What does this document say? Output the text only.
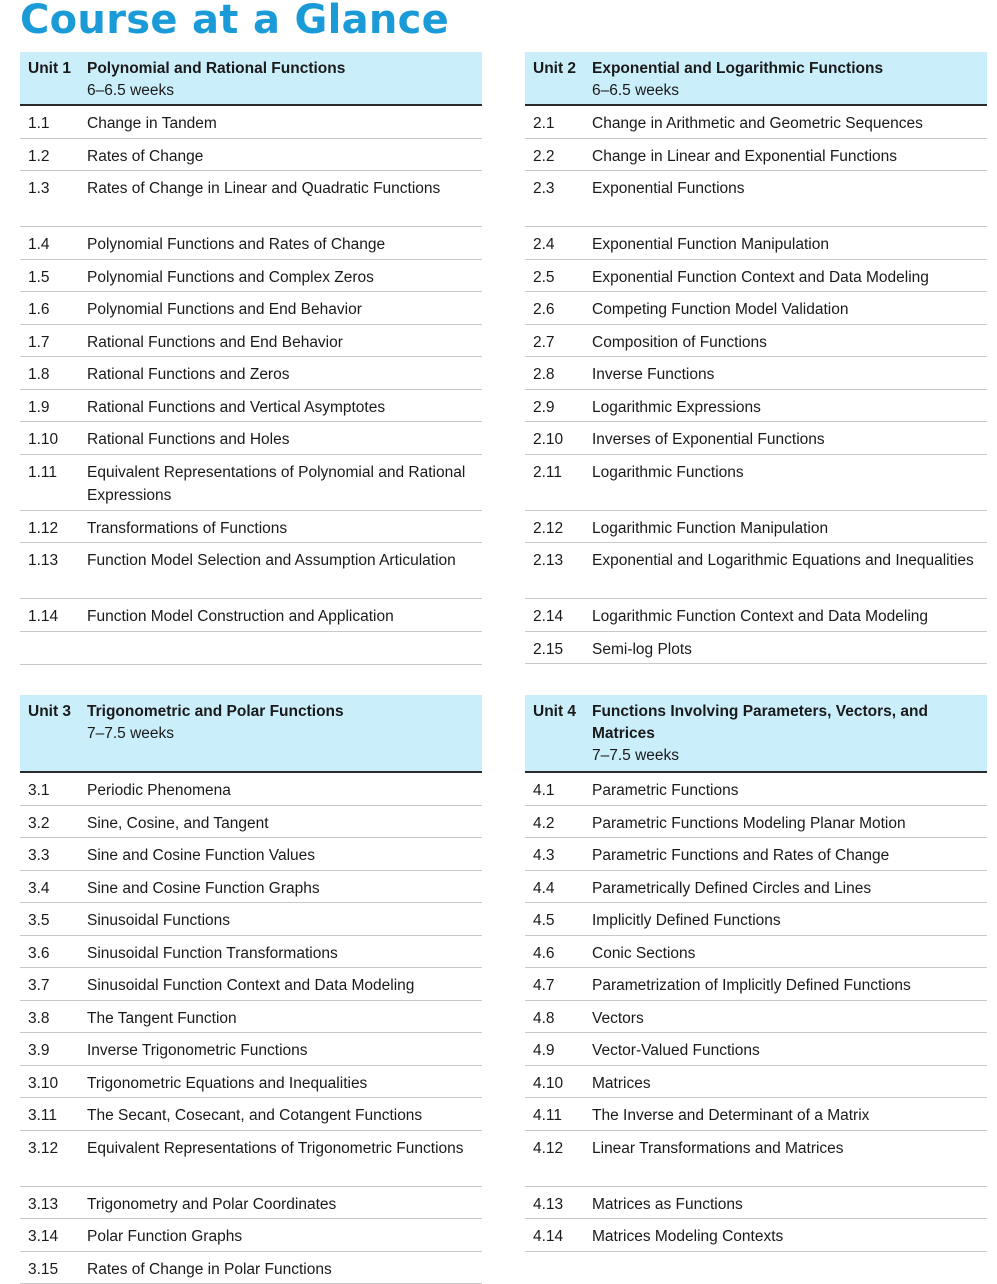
Course at a Glance
Unit 1	Polynomial and Rational Functions
6–6.5 weeks
1.1	Change in Tandem
1.2	Rates of Change
1.3	Rates of Change in Linear and Quadratic Functions
1.4	Polynomial Functions and Rates of Change
1.5	Polynomial Functions and Complex Zeros
1.6	Polynomial Functions and End Behavior
1.7	Rational Functions and End Behavior
1.8	Rational Functions and Zeros
1.9	Rational Functions and Vertical Asymptotes
1.10	Rational Functions and Holes
1.11	Equivalent Representations of Polynomial and Rational Expressions
1.12	Transformations of Functions
1.13	Function Model Selection and Assumption Articulation
1.14	Function Model Construction and Application
Unit 2	Exponential and Logarithmic Functions
6–6.5 weeks
2.1	Change in Arithmetic and Geometric Sequences
2.2	Change in Linear and Exponential Functions
2.3	Exponential Functions
2.4	Exponential Function Manipulation
2.5	Exponential Function Context and Data Modeling
2.6	Competing Function Model Validation
2.7	Composition of Functions
2.8	Inverse Functions
2.9	Logarithmic Expressions
2.10	Inverses of Exponential Functions
2.11	Logarithmic Functions
2.12	Logarithmic Function Manipulation
2.13	Exponential and Logarithmic Equations and Inequalities
2.14	Logarithmic Function Context and Data Modeling
2.15	Semi-log Plots
Unit 3	Trigonometric and Polar Functions
7–7.5 weeks
3.1	Periodic Phenomena
3.2	Sine, Cosine, and Tangent
3.3	Sine and Cosine Function Values
3.4	Sine and Cosine Function Graphs
3.5	Sinusoidal Functions
3.6	Sinusoidal Function Transformations
3.7	Sinusoidal Function Context and Data Modeling
3.8	The Tangent Function
3.9	Inverse Trigonometric Functions
3.10	Trigonometric Equations and Inequalities
3.11	The Secant, Cosecant, and Cotangent Functions
3.12	Equivalent Representations of Trigonometric Functions
3.13	Trigonometry and Polar Coordinates
3.14	Polar Function Graphs
3.15	Rates of Change in Polar Functions
Unit 4	Functions Involving Parameters, Vectors, and Matrices
7–7.5 weeks
4.1	Parametric Functions
4.2	Parametric Functions Modeling Planar Motion
4.3	Parametric Functions and Rates of Change
4.4	Parametrically Defined Circles and Lines
4.5	Implicitly Defined Functions
4.6	Conic Sections
4.7	Parametrization of Implicitly Defined Functions
4.8	Vectors
4.9	Vector-Valued Functions
4.10	Matrices
4.11	The Inverse and Determinant of a Matrix
4.12	Linear Transformations and Matrices
4.13	Matrices as Functions
4.14	Matrices Modeling Contexts
